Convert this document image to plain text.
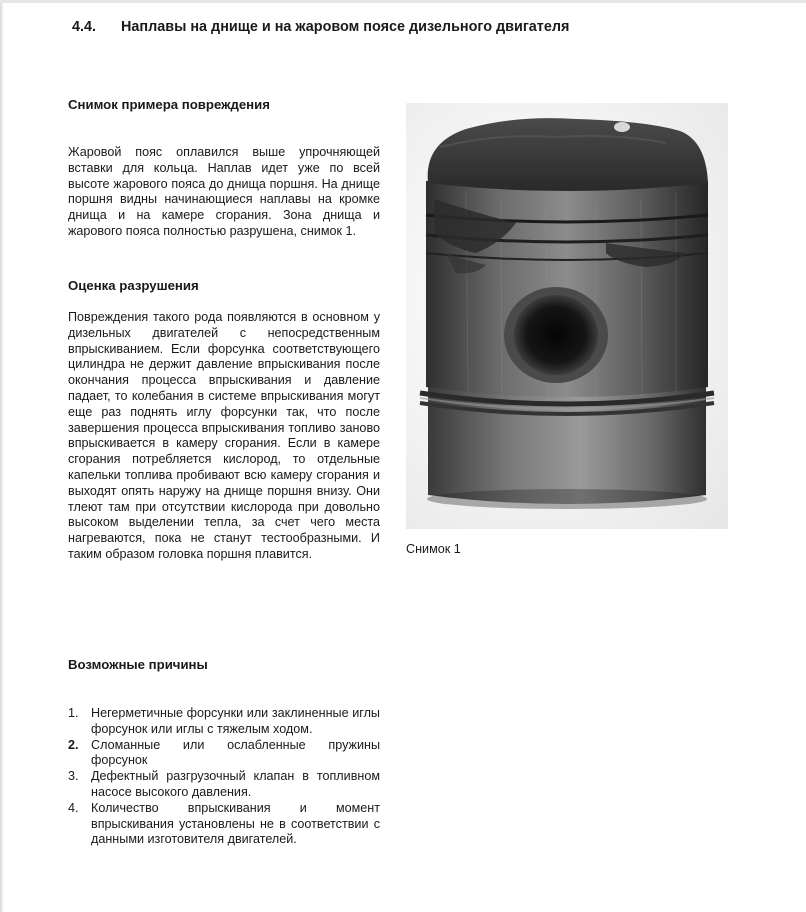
4.4. Наплавы на днище и на жаровом поясе дизельного двигателя
Снимок примера повреждения

Жаровой пояс оплавился выше упрочняющей вставки для кольца. Наплав идет уже по всей высоте жарового пояса до днища поршня. На днище поршня видны начинающиеся наплавы на кромке днища и на камере сгорания. Зона днища и жарового пояса полностью разрушена, снимок 1.

Оценка разрушения

Повреждения такого рода появляются в основном у дизельных двигателей с непосредственным впрыскиванием. Если форсунка соответствующего цилиндра не держит давление впрыскивания после окончания процесса впрыскивания и давление падает, то колебания в системе впрыскивания могут еще раз поднять иглу форсунки так, что после завершения процесса впрыскивания топливо заново впрыскивается в камеру сгорания. Если в камере сгорания потребляется кислород, то отдельные капельки топлива пробивают всю камеру сгорания и выходят опять наружу на днище поршня внизу. Они тлеют там при отсутствии кислорода при довольно высоком выделении тепла, за счет чего места нагреваются, пока не станут тестообразными. И таким образом головка поршня плавится.

Возможные причины
1. Негерметичные форсунки или заклиненные иглы форсунок или иглы с тяжелым ходом.
2. Сломанные или ослабленные пружины форсунок
3. Дефектный разгрузочный клапан в топливном насосе высокого давления.
4. Количество впрыскивания и момент впрыскивания установлены не в соответствии с данными изготовителя двигателей.
Снимок 1
